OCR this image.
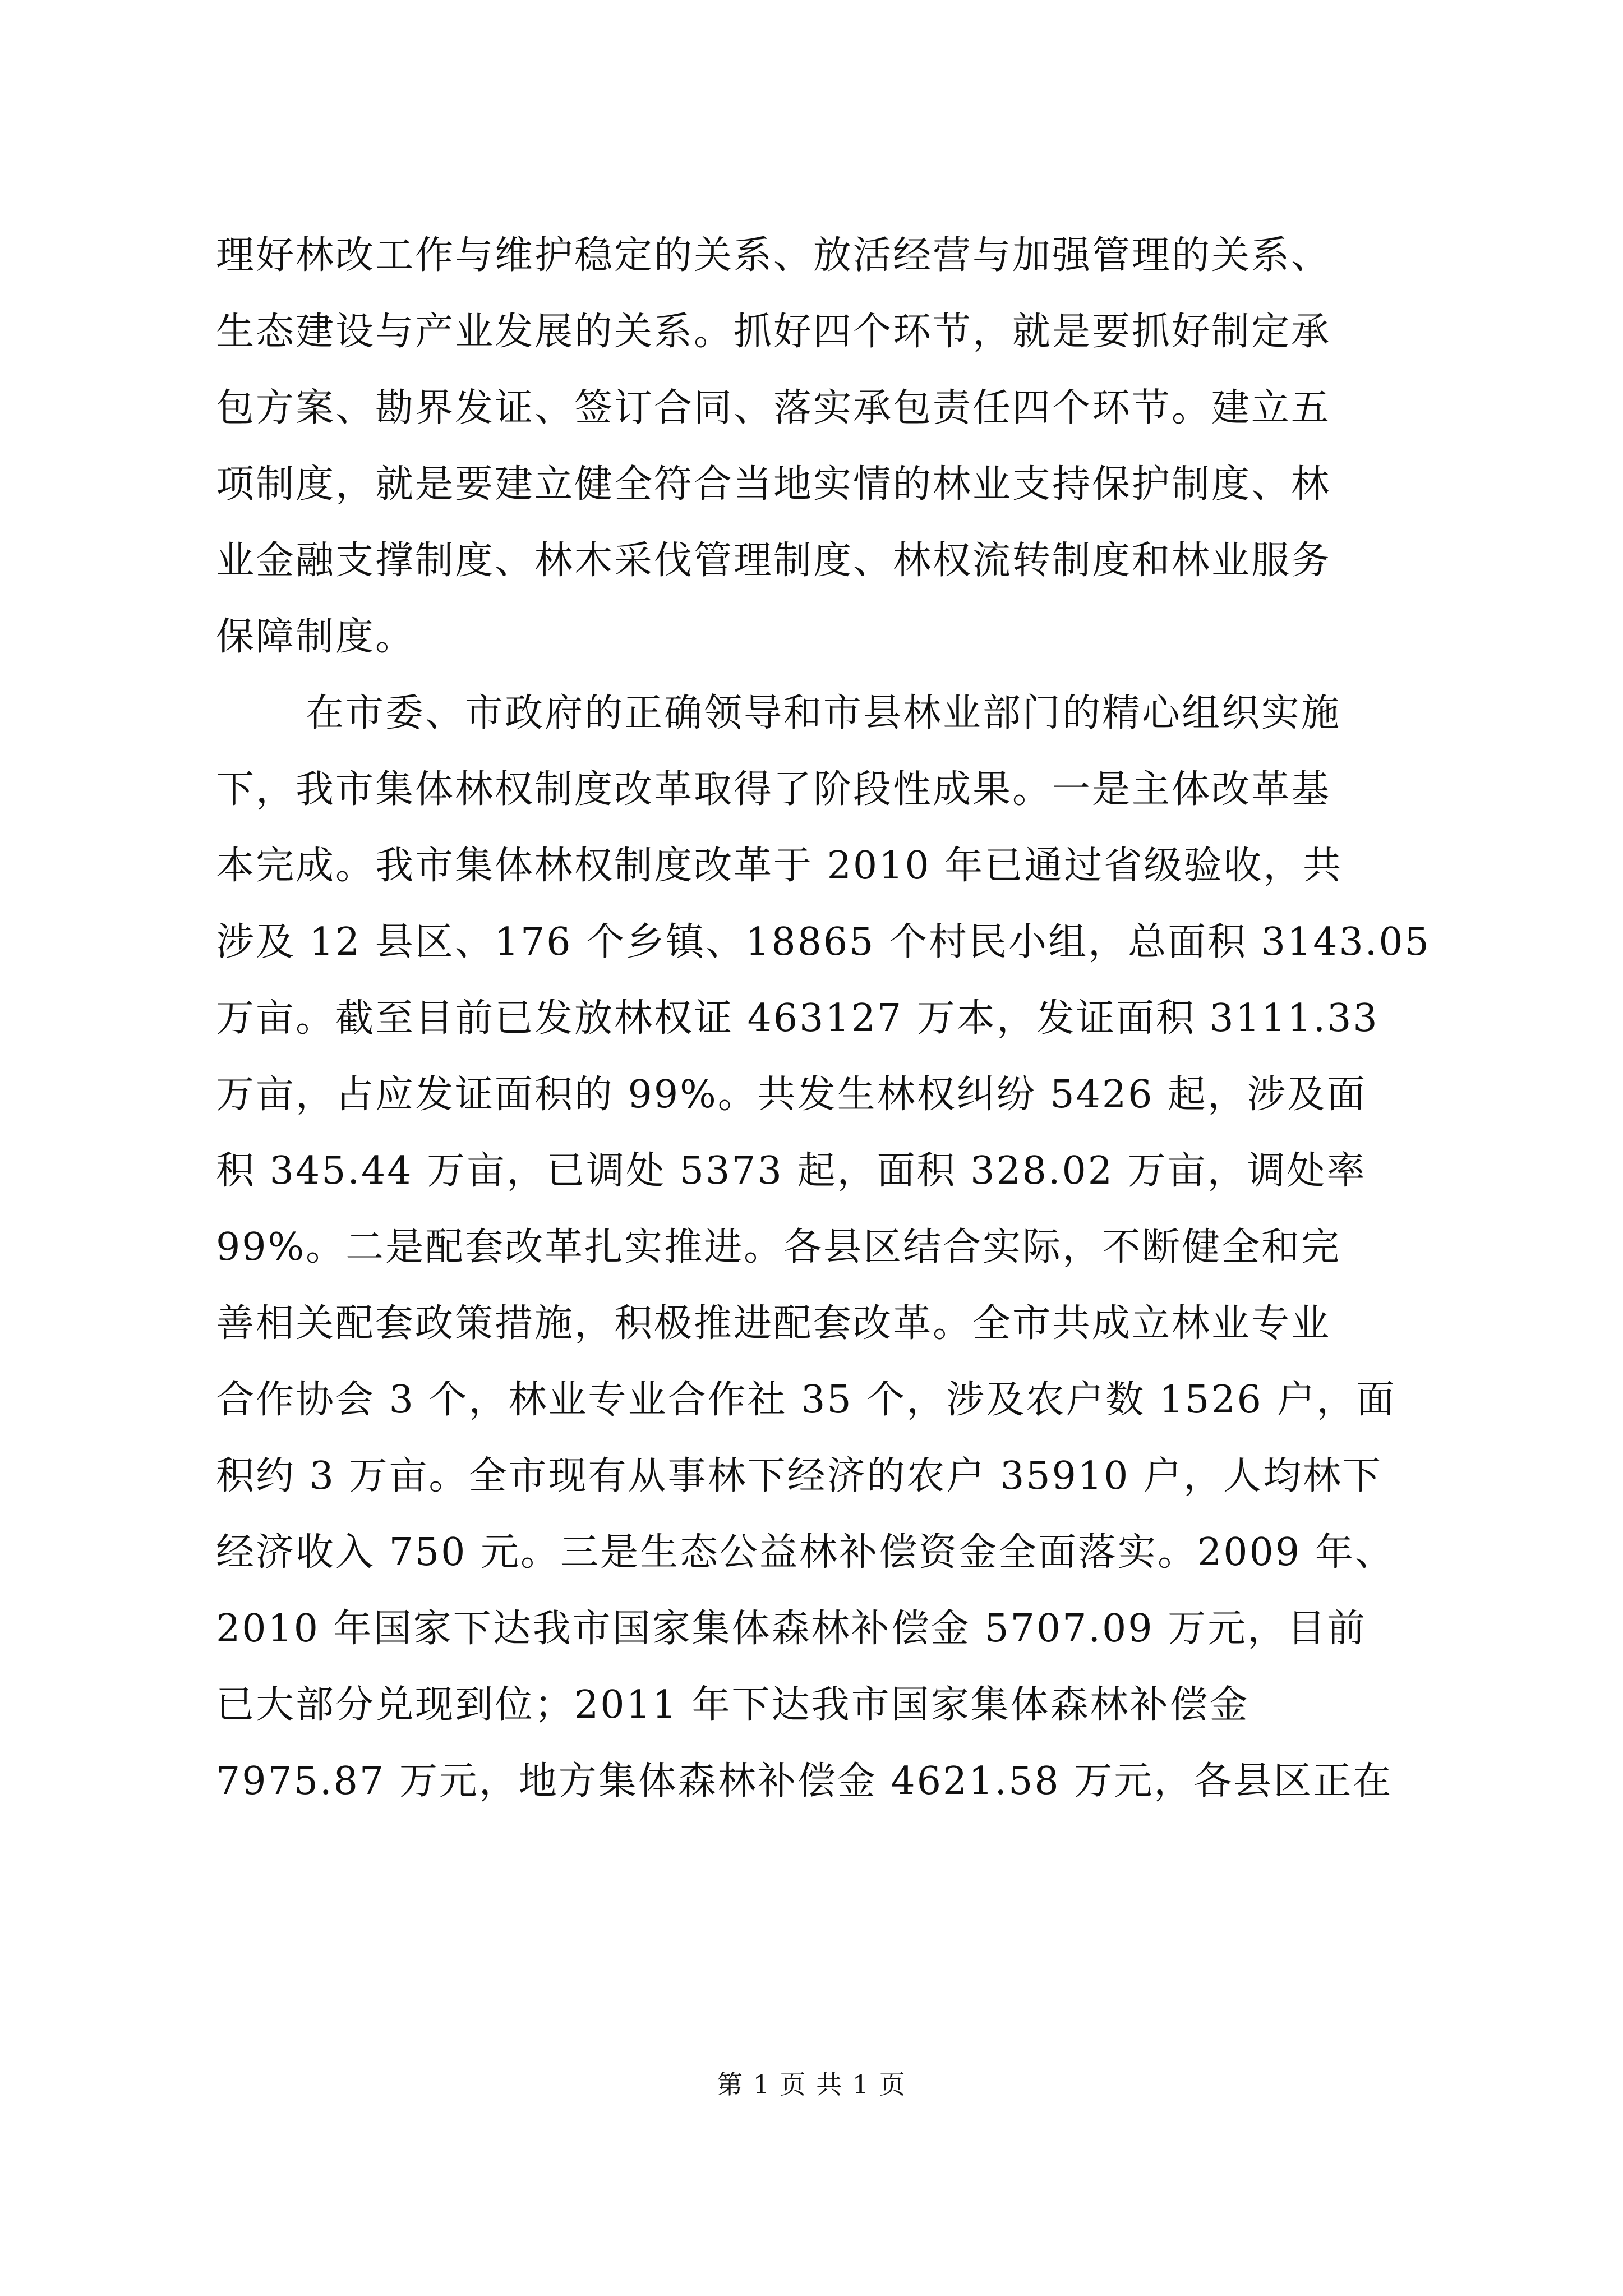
理好林改工作与维护稳定的关系、放活经营与加强管理的关系、
生态建设与产业发展的关系。抓好四个环节，就是要抓好制定承
包方案、勘界发证、签订合同、落实承包责任四个环节。建立五
项制度，就是要建立健全符合当地实情的林业支持保护制度、林
业金融支撑制度、林木采伐管理制度、林权流转制度和林业服务
保障制度。
在市委、市政府的正确领导和市县林业部门的精心组织实施
下，我市集体林权制度改革取得了阶段性成果。一是主体改革基
本完成。我市集体林权制度改革于 2010 年已通过省级验收，共
涉及 12 县区、176 个乡镇、18865 个村民小组，总面积 3143.05
万亩。截至目前已发放林权证 463127 万本，发证面积 3111.33
万亩，占应发证面积的 99%。共发生林权纠纷 5426 起，涉及面
积 345.44 万亩，已调处 5373 起，面积 328.02 万亩，调处率
99%。二是配套改革扎实推进。各县区结合实际，不断健全和完
善相关配套政策措施，积极推进配套改革。全市共成立林业专业
合作协会 3 个，林业专业合作社 35 个，涉及农户数 1526 户，面
积约 3 万亩。全市现有从事林下经济的农户 35910 户，人均林下
经济收入 750 元。三是生态公益林补偿资金全面落实。2009 年、
2010 年国家下达我市国家集体森林补偿金 5707.09 万元，目前
已大部分兑现到位；2011 年下达我市国家集体森林补偿金
7975.87 万元，地方集体森林补偿金 4621.58 万元，各县区正在
第 1 页 共 1 页
